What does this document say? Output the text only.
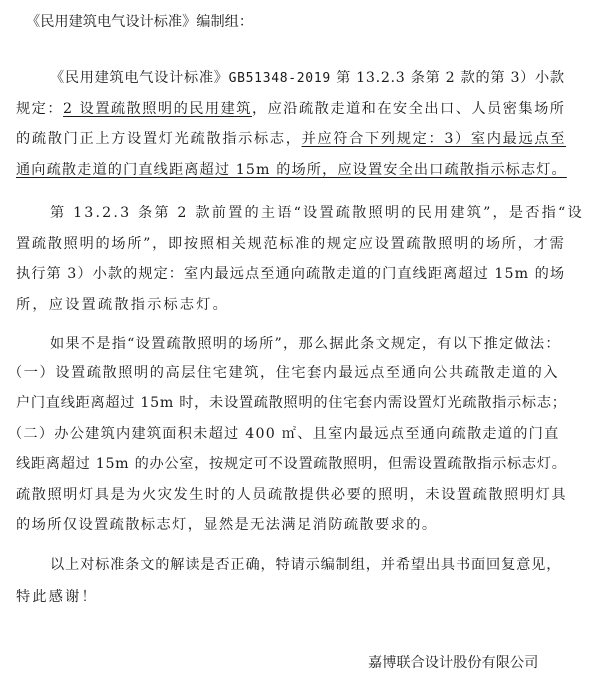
《民用建筑电气设计标准》编制组：
《民用建筑电气设计标准》GB51348-2019 第 13.2.3 条第 2 款的第 3）小款
规定：2 设置疏散照明的民用建筑，应沿疏散走道和在安全出口、人员密集场所
的疏散门正上方设置灯光疏散指示标志，并应符合下列规定：3）室内最远点至
通向疏散走道的门直线距离超过 15m 的场所，应设置安全出口疏散指示标志灯。
第 13.2.3 条第 2 款前置的主语“设置疏散照明的民用建筑”，是否指“设
置疏散照明的场所”，即按照相关规范标准的规定应设置疏散照明的场所，才需
执行第 3）小款的规定：室内最远点至通向疏散走道的门直线距离超过 15m 的场
所，应设置疏散指示标志灯。
如果不是指“设置疏散照明的场所”，那么据此条文规定，有以下推定做法：
（一）设置疏散照明的高层住宅建筑，住宅套内最远点至通向公共疏散走道的入
户门直线距离超过 15m 时，未设置疏散照明的住宅套内需设置灯光疏散指示标志；
（二）办公建筑内建筑面积未超过 400 ㎡、且室内最远点至通向疏散走道的门直
线距离超过 15m 的办公室，按规定可不设置疏散照明，但需设置疏散指示标志灯。
疏散照明灯具是为火灾发生时的人员疏散提供必要的照明，未设置疏散照明灯具
的场所仅设置疏散标志灯，显然是无法满足消防疏散要求的。
以上对标准条文的解读是否正确，特请示编制组，并希望出具书面回复意见，
特此感谢！
嘉博联合设计股份有限公司
